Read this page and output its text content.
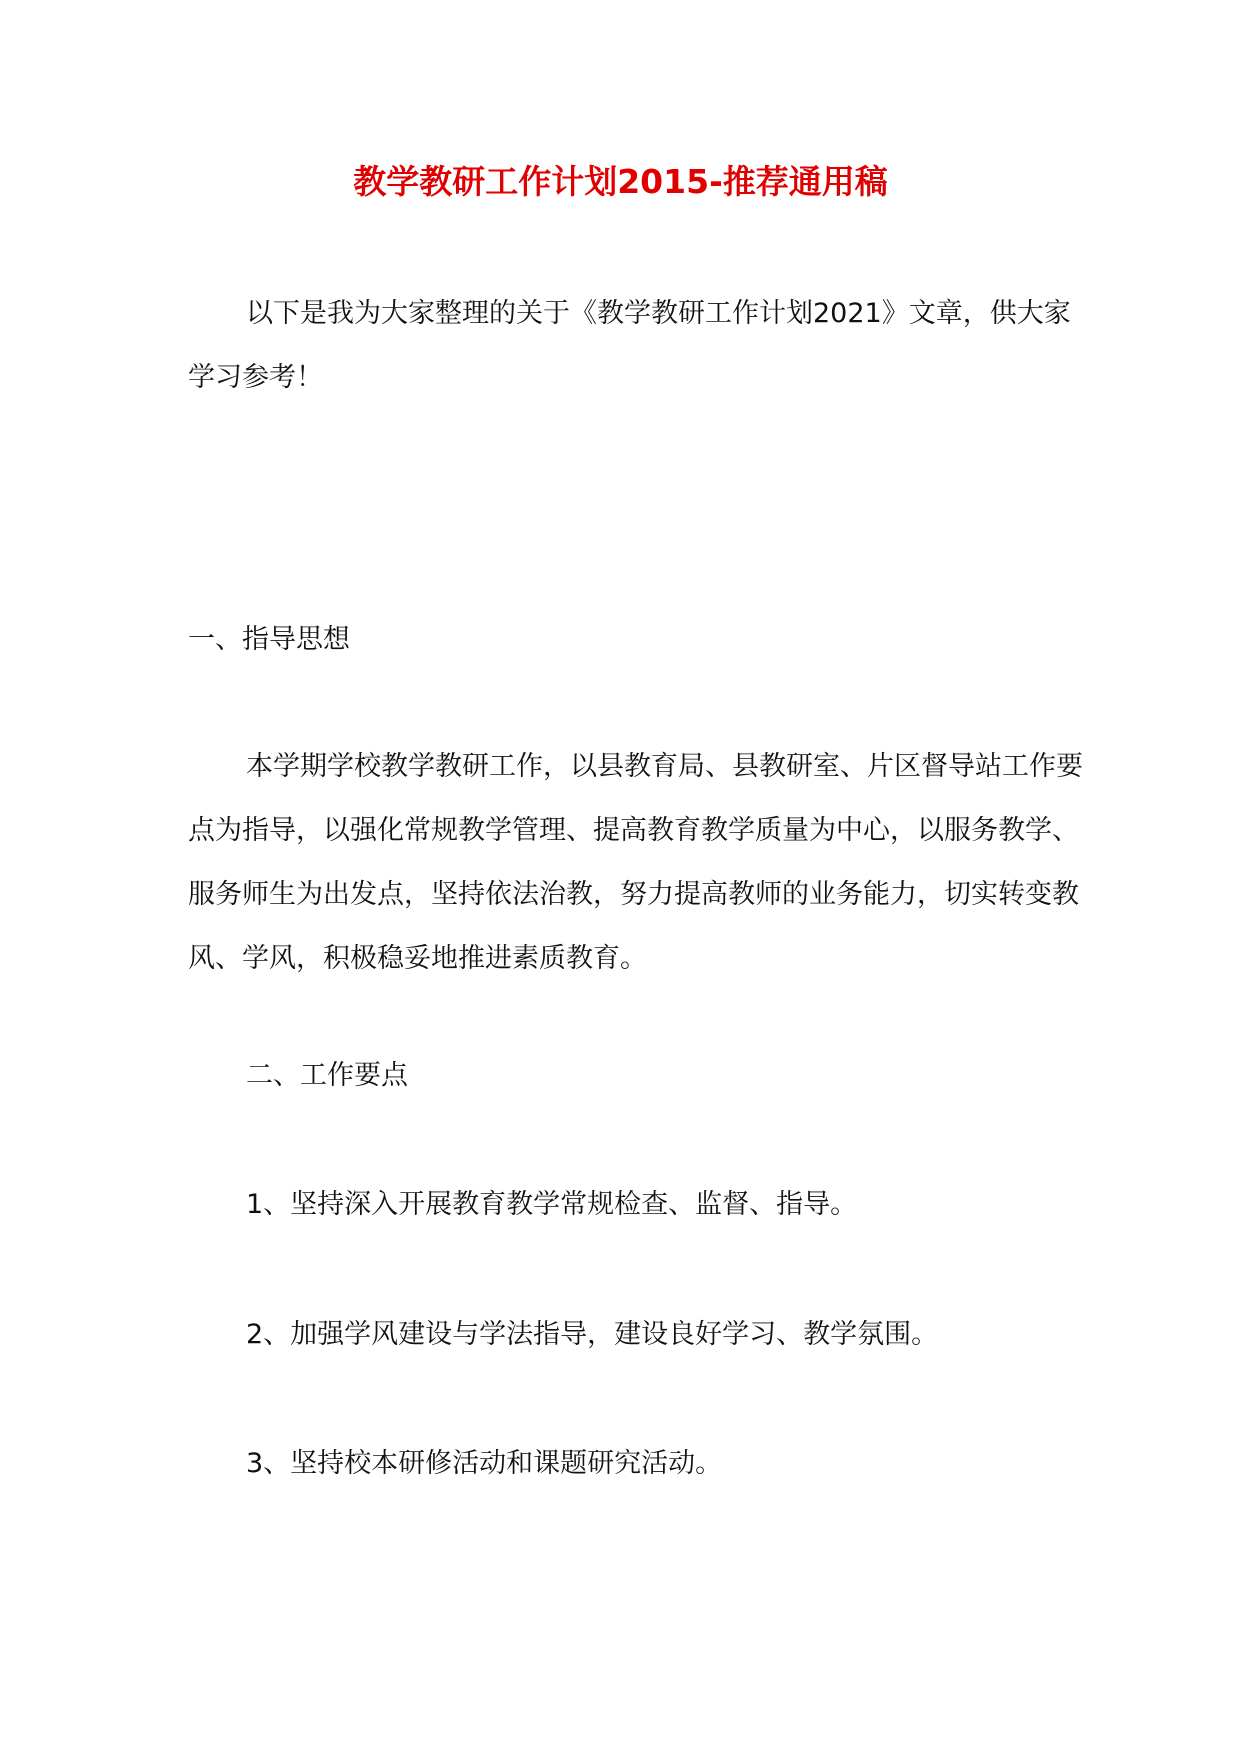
教学教研工作计划2015-推荐通用稿

以下是我为大家整理的关于《教学教研工作计划2021》文章，供大家学习参考！

一、指导思想

本学期学校教学教研工作，以县教育局、县教研室、片区督导站工作要点为指导，以强化常规教学管理、提高教育教学质量为中心，以服务教学、服务师生为出发点，坚持依法治教，努力提高教师的业务能力，切实转变教风、学风，积极稳妥地推进素质教育。

二、工作要点
1、坚持深入开展教育教学常规检查、监督、指导。
2、加强学风建设与学法指导，建设良好学习、教学氛围。
3、坚持校本研修活动和课题研究活动。
